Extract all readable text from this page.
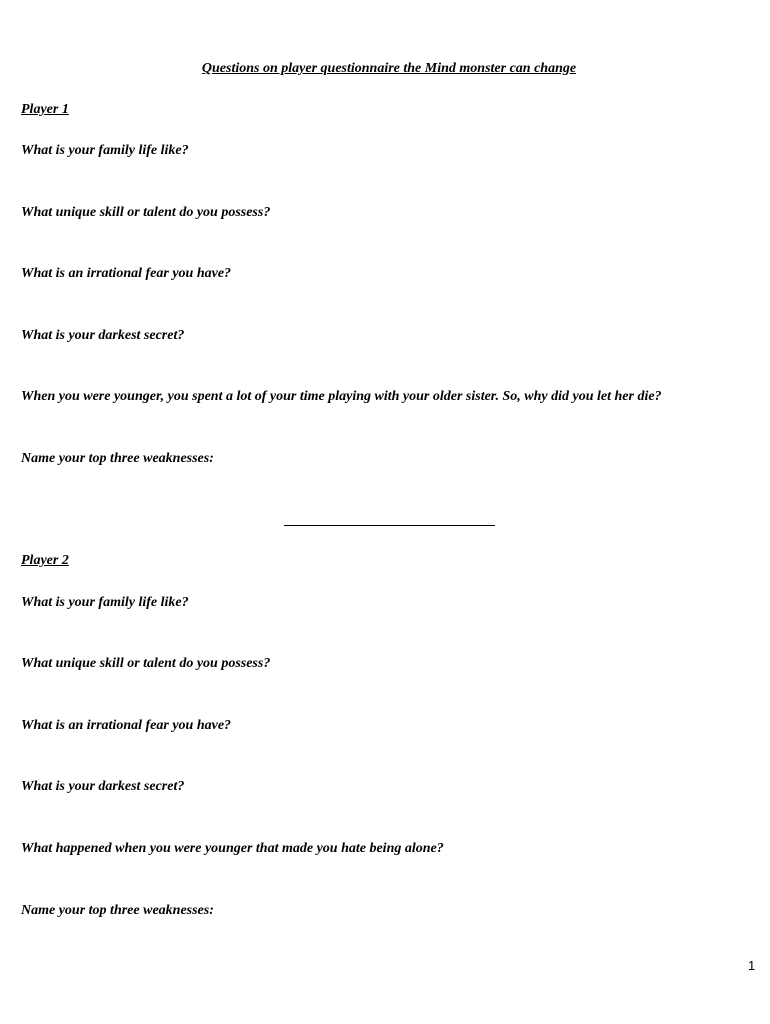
Questions on player questionnaire the Mind monster can change
Player 1
What is your family life like?
What unique skill or talent do you possess?
What is an irrational fear you have?
What is your darkest secret?
When you were younger, you spent a lot of your time playing with your older sister. So, why did you let her die?
Name your top three weaknesses:
Player 2
What is your family life like?
What unique skill or talent do you possess?
What is an irrational fear you have?
What is your darkest secret?
What happened when you were younger that made you hate being alone?
Name your top three weaknesses:
1
